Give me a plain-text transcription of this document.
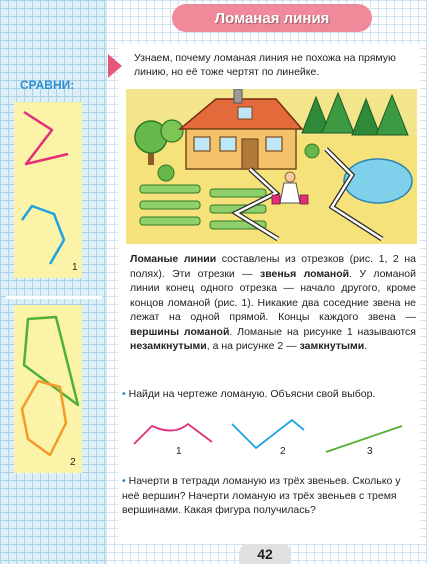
Ломаная линия
Узнаем, почему ломаная линия не похожа на прямую линию, но её тоже чертят по линейке.
СРАВНИ:
1
2
Ломаные линии составлены из отрезков (рис. 1, 2 на полях). Эти отрезки — звенья ломаной. У ломаной линии конец одного отрезка — начало другого, кроме концов ломаной (рис. 1). Никакие два соседние звена не лежат на одной прямой. Концы каждого звена — вершины ломаной. Ломаные на рисунке 1 называются незамкнутыми, а на рисунке 2 — замкнутыми.
• Найди на чертеже ломаную. Объясни свой выбор.
1	2	3
• Начерти в тетради ломаную из трёх звеньев. Сколько у неё вершин? Начерти ломаную из трёх звеньев с тремя вершинами. Какая фигура получилась?
42
